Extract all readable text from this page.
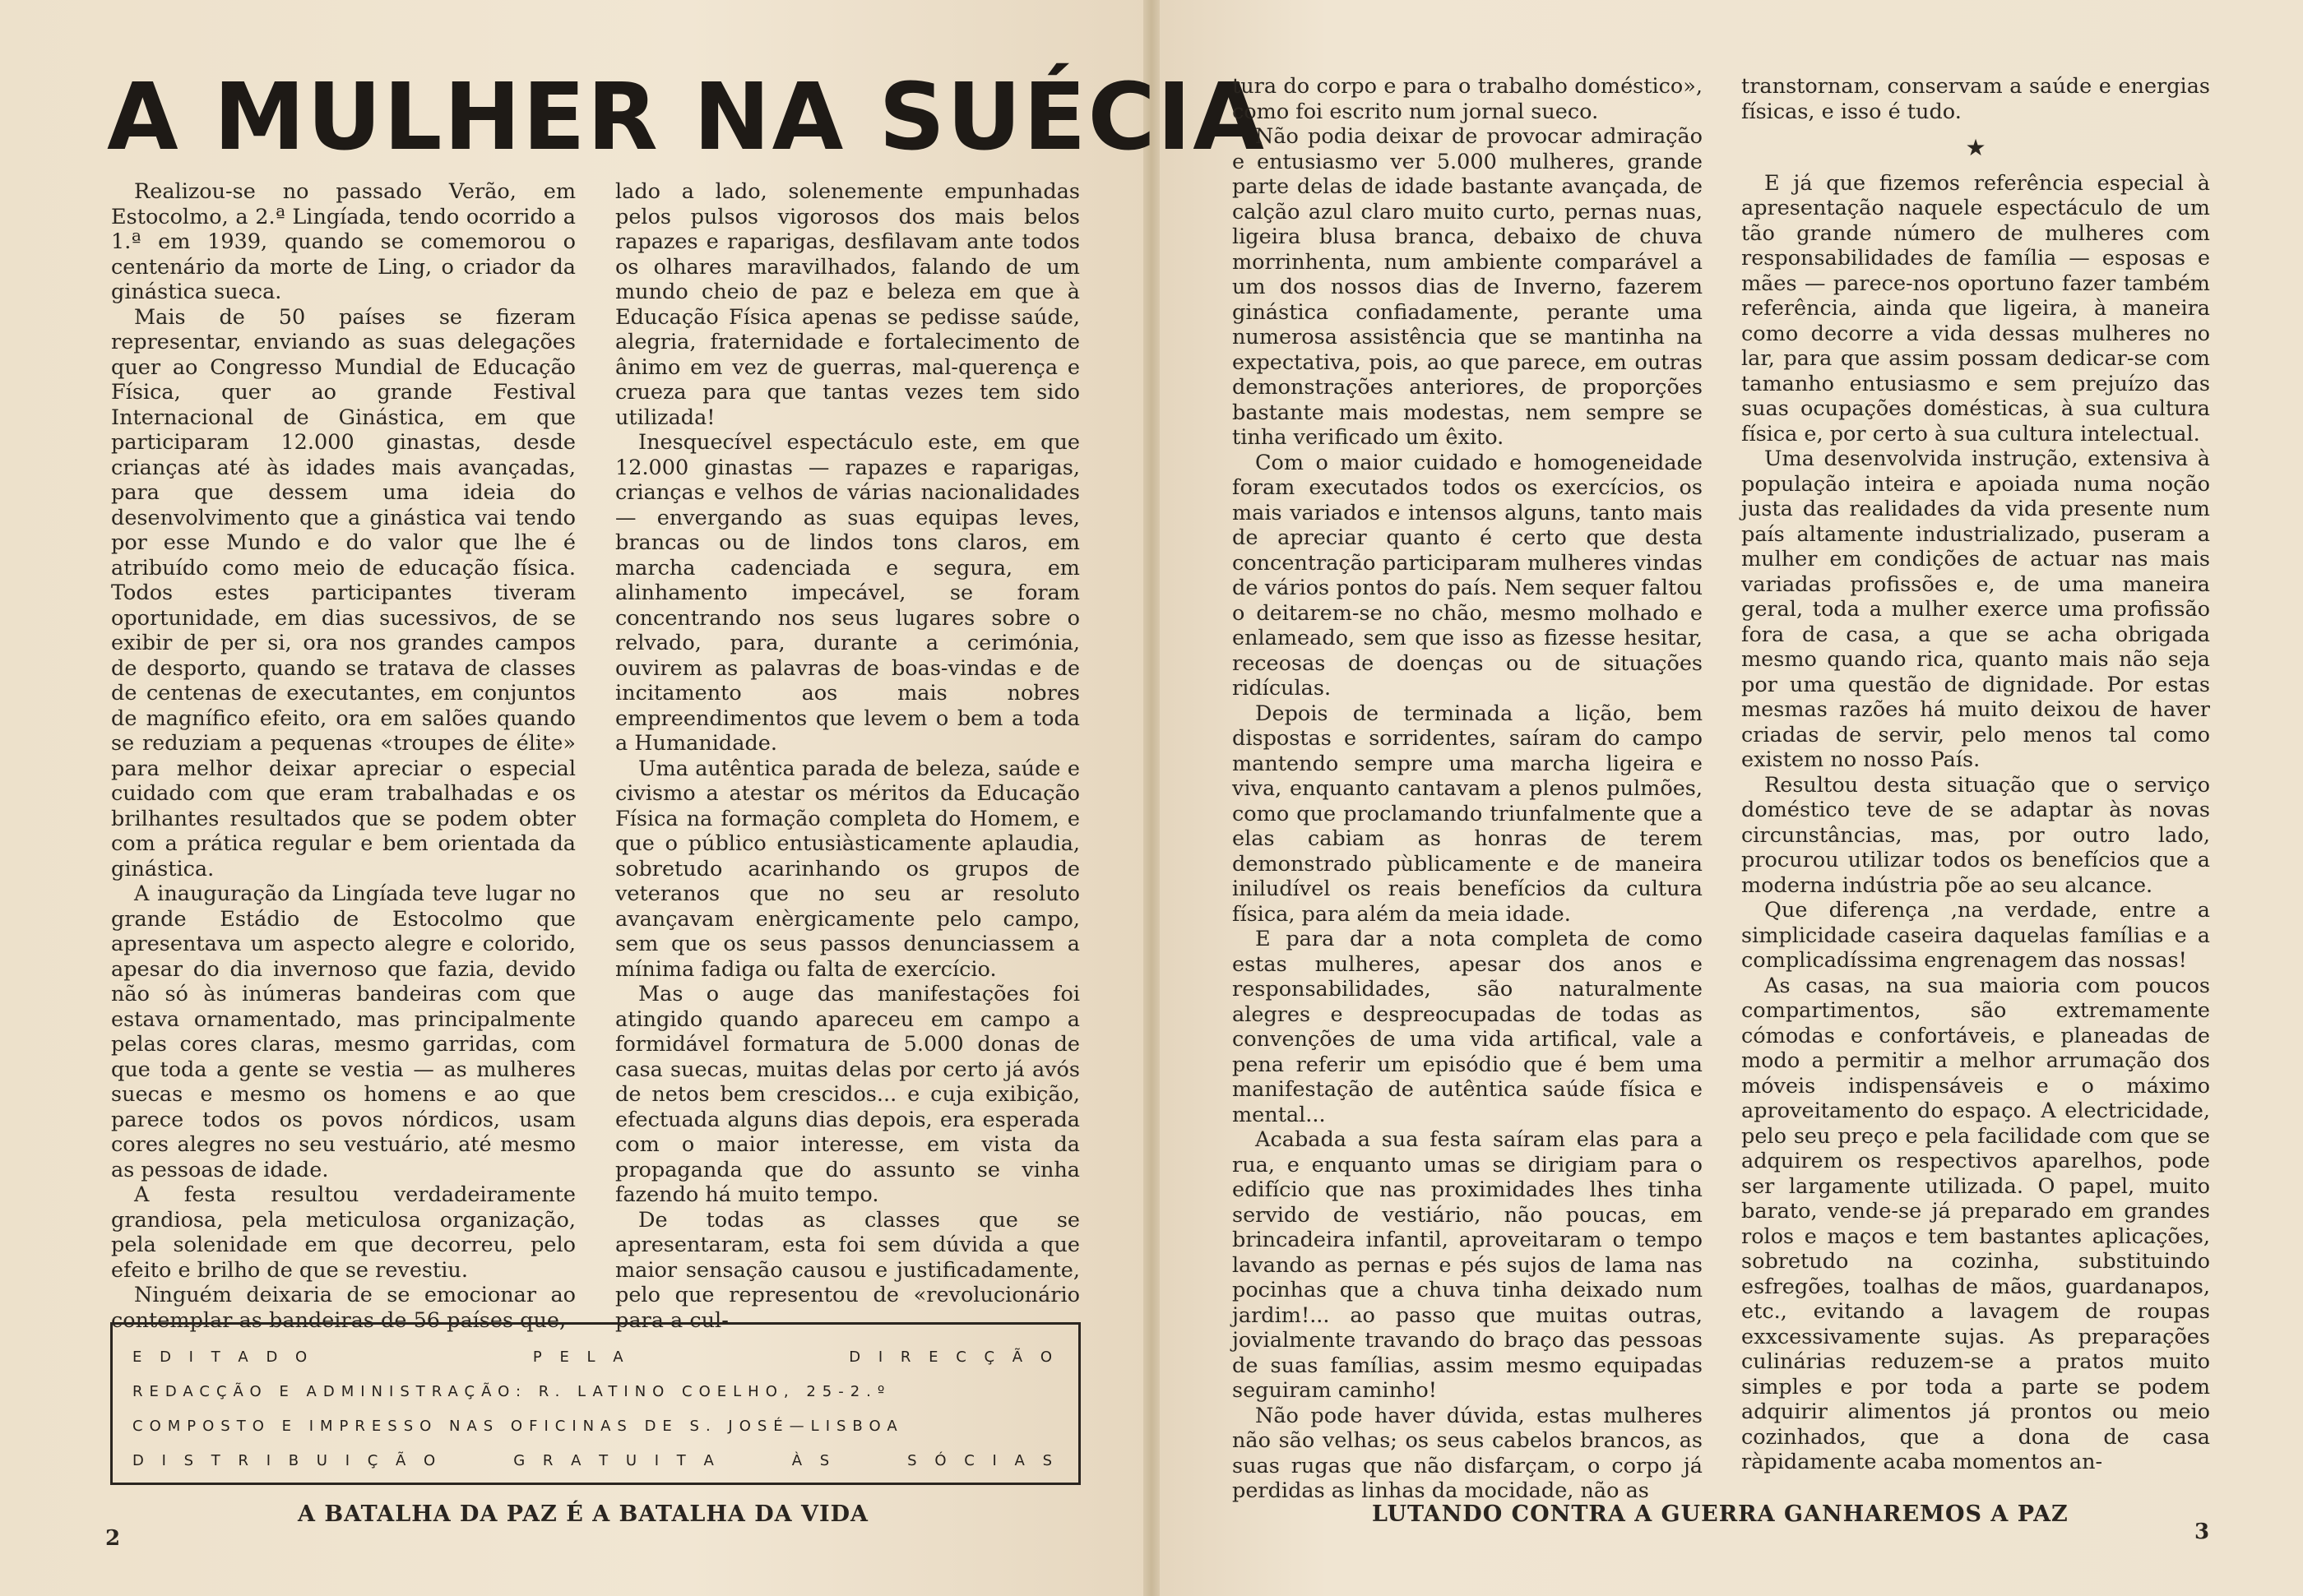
A MULHER NA SUÉCIA

Realizou-se no passado Verão, em Estocolmo, a 2.ª Lingíada, tendo ocorrido a 1.ª em 1939, quando se comemorou o centenário da morte de Ling, o criador da ginástica sueca.

Mais de 50 países se fizeram representar, enviando as suas delegações quer ao Congresso Mundial de Educação Física, quer ao grande Festival Internacional de Ginástica, em que participaram 12.000 ginastas, desde crianças até às idades mais avançadas, para que dessem uma ideia do desenvolvimento que a ginástica vai tendo por esse Mundo e do valor que lhe é atribuído como meio de educação física. Todos estes participantes tiveram oportunidade, em dias sucessivos, de se exibir de per si, ora nos grandes campos de desporto, quando se tratava de classes de centenas de executantes, em conjuntos de magnífico efeito, ora em salões quando se reduziam a pequenas «troupes de élite» para melhor deixar apreciar o especial cuidado com que eram trabalhadas e os brilhantes resultados que se podem obter com a prática regular e bem orientada da ginástica.

A inauguração da Lingíada teve lugar no grande Estádio de Estocolmo que apresentava um aspecto alegre e colorido, apesar do dia invernoso que fazia, devido não só às inúmeras bandeiras com que estava ornamentado, mas principalmente pelas cores claras, mesmo garridas, com que toda a gente se vestia — as mulheres suecas e mesmo os homens e ao que parece todos os povos nórdicos, usam cores alegres no seu vestuário, até mesmo as pessoas de idade.

A festa resultou verdadeiramente grandiosa, pela meticulosa organização, pela solenidade em que decorreu, pelo efeito e brilho de que se revestiu.

Ninguém deixaria de se emocionar ao contemplar as bandeiras de 56 países que,

lado a lado, solenemente empunhadas pelos pulsos vigorosos dos mais belos rapazes e raparigas, desfilavam ante todos os olhares maravilhados, falando de um mundo cheio de paz e beleza em que à Educação Física apenas se pedisse saúde, alegria, fraternidade e fortalecimento de ânimo em vez de guerras, mal-querença e crueza para que tantas vezes tem sido utilizada!

Inesquecível espectáculo este, em que 12.000 ginastas — rapazes e raparigas, crianças e velhos de várias nacionalidades — envergando as suas equipas leves, brancas ou de lindos tons claros, em marcha cadenciada e segura, em alinhamento impecável, se foram concentrando nos seus lugares sobre o relvado, para, durante a cerimónia, ouvirem as palavras de boas-vindas e de incitamento aos mais nobres empreendimentos que levem o bem a toda a Humanidade.

Uma autêntica parada de beleza, saúde e civismo a atestar os méritos da Educação Física na formação completa do Homem, e que o público entusiàsticamente aplaudia, sobretudo acarinhando os grupos de veteranos que no seu ar resoluto avançavam enèrgicamente pelo campo, sem que os seus passos denunciassem a mínima fadiga ou falta de exercício.

Mas o auge das manifestações foi atingido quando apareceu em campo a formidável formatura de 5.000 donas de casa suecas, muitas delas por certo já avós de netos bem crescidos... e cuja exibição, efectuada alguns dias depois, era esperada com o maior interesse, em vista da propaganda que do assunto se vinha fazendo há muito tempo.

De todas as classes que se apresentaram, esta foi sem dúvida a que maior sensação causou e justificadamente, pelo que representou de «revolucionário para a cul-

E D I T A D O	P E L A	D I R E C Ç Ã O
REDACÇÃO E ADMINISTRAÇÃO: R. LATINO COELHO, 25-2.º
COMPOSTO E IMPRESSO NAS OFICINAS DE S. JOSÉ—LISBOA
D I S T R I B U I Ç Ã O	G R A T U I T A	À S	S Ó C I A S

tura do corpo e para o trabalho doméstico», como foi escrito num jornal sueco.

Não podia deixar de provocar admiração e entusiasmo ver 5.000 mulheres, grande parte delas de idade bastante avançada, de calção azul claro muito curto, pernas nuas, ligeira blusa branca, debaixo de chuva morrinhenta, num ambiente comparável a um dos nossos dias de Inverno, fazerem ginástica confiadamente, perante uma numerosa assistência que se mantinha na expectativa, pois, ao que parece, em outras demonstrações anteriores, de proporções bastante mais modestas, nem sempre se tinha verificado um êxito.

Com o maior cuidado e homogeneidade foram executados todos os exercícios, os mais variados e intensos alguns, tanto mais de apreciar quanto é certo que desta concentração participaram mulheres vindas de vários pontos do país. Nem sequer faltou o deitarem-se no chão, mesmo molhado e enlameado, sem que isso as fizesse hesitar, receosas de doenças ou de situações ridículas.

Depois de terminada a lição, bem dispostas e sorridentes, saíram do campo mantendo sempre uma marcha ligeira e viva, enquanto cantavam a plenos pulmões, como que proclamando triunfalmente que a elas cabiam as honras de terem demonstrado pùblicamente e de maneira iniludível os reais benefícios da cultura física, para além da meia idade.

E para dar a nota completa de como estas mulheres, apesar dos anos e responsabilidades, são naturalmente alegres e despreocupadas de todas as convenções de uma vida artifical, vale a pena referir um episódio que é bem uma manifestação de autêntica saúde física e mental...

Acabada a sua festa saíram elas para a rua, e enquanto umas se dirigiam para o edifício que nas proximidades lhes tinha servido de vestiário, não poucas, em brincadeira infantil, aproveitaram o tempo lavando as pernas e pés sujos de lama nas pocinhas que a chuva tinha deixado num jardim!... ao passo que muitas outras, jovialmente travando do braço das pessoas de suas famílias, assim mesmo equipadas seguiram caminho!

Não pode haver dúvida, estas mulheres não são velhas; os seus cabelos brancos, as suas rugas que não disfarçam, o corpo já perdidas as linhas da mocidade, não as

transtornam, conservam a saúde e energias físicas, e isso é tudo.

★

E já que fizemos referência especial à apresentação naquele espectáculo de um tão grande número de mulheres com responsabilidades de família — esposas e mães — parece-nos oportuno fazer também referência, ainda que ligeira, à maneira como decorre a vida dessas mulheres no lar, para que assim possam dedicar-se com tamanho entusiasmo e sem prejuízo das suas ocupações domésticas, à sua cultura física e, por certo à sua cultura intelectual.

Uma desenvolvida instrução, extensiva à população inteira e apoiada numa noção justa das realidades da vida presente num país altamente industrializado, puseram a mulher em condições de actuar nas mais variadas profissões e, de uma maneira geral, toda a mulher exerce uma profissão fora de casa, a que se acha obrigada mesmo quando rica, quanto mais não seja por uma questão de dignidade. Por estas mesmas razões há muito deixou de haver criadas de servir, pelo menos tal como existem no nosso País.

Resultou desta situação que o serviço doméstico teve de se adaptar às novas circunstâncias, mas, por outro lado, procurou utilizar todos os benefícios que a moderna indústria põe ao seu alcance.

Que diferença ,na verdade, entre a simplicidade caseira daquelas famílias e a complicadíssima engrenagem das nossas!

As casas, na sua maioria com poucos compartimentos, são extremamente cómodas e confortáveis, e planeadas de modo a permitir a melhor arrumação dos móveis indispensáveis e o máximo aproveitamento do espaço. A electricidade, pelo seu preço e pela facilidade com que se adquirem os respectivos aparelhos, pode ser largamente utilizada. O papel, muito barato, vende-se já preparado em grandes rolos e maços e tem bastantes aplicações, sobretudo na cozinha, substituindo esfregões, toalhas de mãos, guardanapos, etc., evitando a lavagem de roupas exxcessivamente sujas. As preparações culinárias reduzem-se a pratos muito simples e por toda a parte se podem adquirir alimentos já prontos ou meio cozinhados, que a dona de casa ràpidamente acaba momentos an-

A BATALHA DA PAZ É A BATALHA DA VIDA	LUTANDO CONTRA A GUERRA GANHAREMOS A PAZ
2	3
